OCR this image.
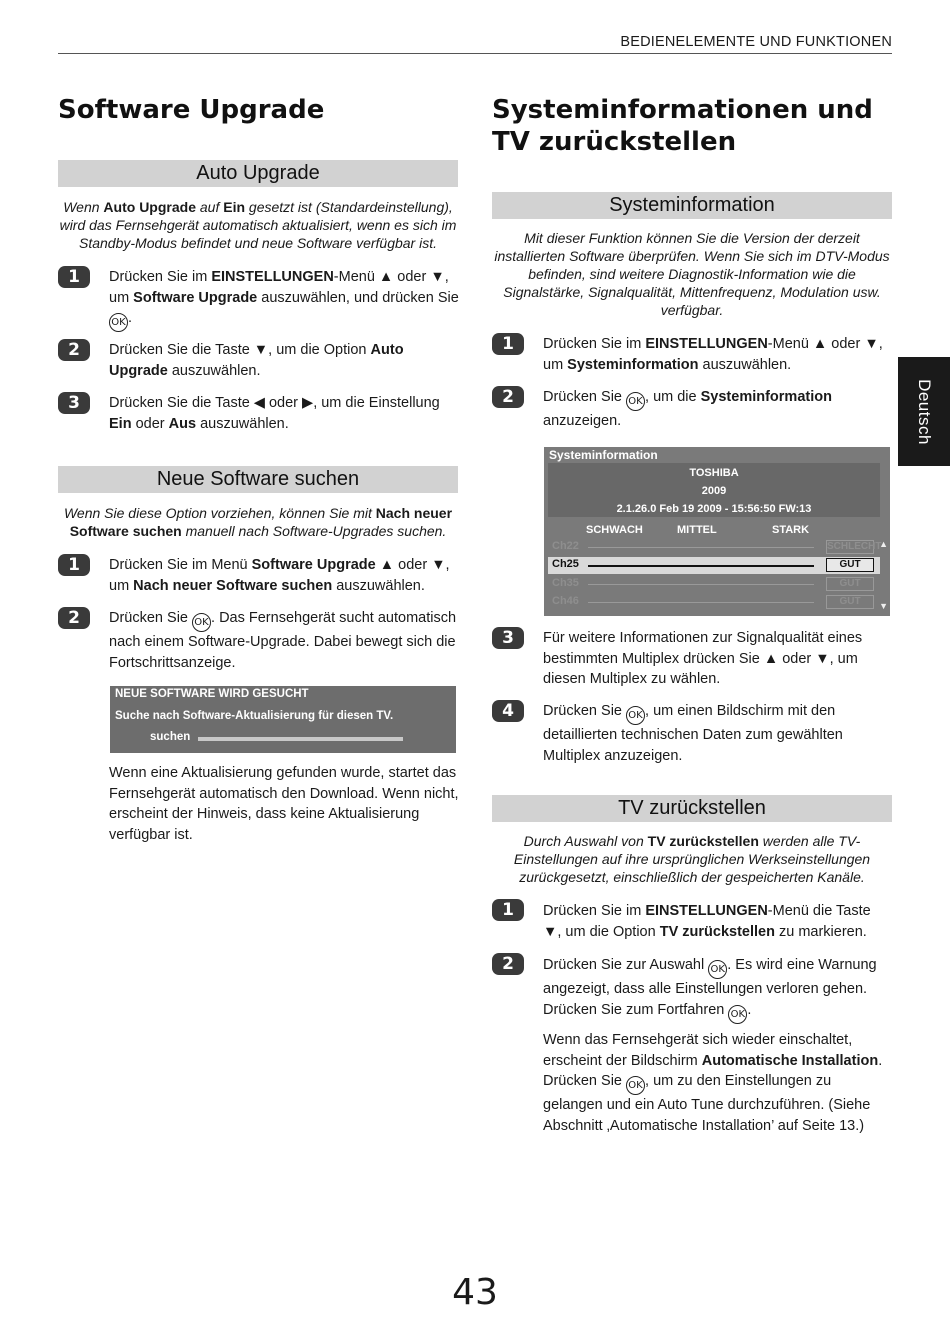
BEDIENELEMENTE UND FUNKTIONEN
Deutsch
Software Upgrade
Auto Upgrade
Wenn Auto Upgrade auf Ein gesetzt ist (Standardeinstellung), wird das Fernsehgerät automatisch aktualisiert, wenn es sich im Standby-Modus befindet und neue Software verfügbar ist.
1	Drücken Sie im EINSTELLUNGEN-Menü ▲ oder ▼, um Software Upgrade auszuwählen, und drücken Sie OK .
2	Drücken Sie die Taste ▼, um die Option Auto Upgrade auszuwählen.
3	Drücken Sie die Taste ◀ oder ▶, um die Einstellung Ein oder Aus auszuwählen.
Neue Software suchen
Wenn Sie diese Option vorziehen, können Sie mit Nach neuer Software suchen manuell nach Software-Upgrades suchen.
1	Drücken Sie im Menü Software Upgrade ▲ oder ▼, um Nach neuer Software suchen auszuwählen.
2	Drücken Sie OK . Das Fernsehgerät sucht automatisch nach einem Software-Upgrade. Dabei bewegt sich die Fortschrittsanzeige.
NEUE SOFTWARE WIRD GESUCHT
Suche nach Software-Aktualisierung für diesen TV.
suchen
Wenn eine Aktualisierung gefunden wurde, startet das Fernsehgerät automatisch den Download. Wenn nicht, erscheint der Hinweis, dass keine Aktualisierung verfügbar ist.
Systeminformationen und TV zurückstellen
Systeminformation
Mit dieser Funktion können Sie die Version der derzeit installierten Software überprüfen. Wenn Sie sich im DTV-Modus befinden, sind weitere Diagnostik-Information wie die Signalstärke, Signalqualität, Mittenfrequenz, Modulation usw. verfügbar.
1	Drücken Sie im EINSTELLUNGEN-Menü ▲ oder ▼, um Systeminformation auszuwählen.
2	Drücken Sie OK , um die Systeminformation anzuzeigen.
Systeminformation
TOSHIBA
2009
2.1.26.0 Feb 19 2009 - 15:56:50 FW:13
SCHWACH	MITTEL	STARK
Ch22	SCHLECHT
Ch25	GUT
Ch35	GUT
Ch46	GUT
▲
▼
3	Für weitere Informationen zur Signalqualität eines bestimmten Multiplex drücken Sie ▲ oder ▼, um diesen Multiplex zu wählen.
4	Drücken Sie OK , um einen Bildschirm mit den detaillierten technischen Daten zum gewählten Multiplex anzuzeigen.
TV zurückstellen
Durch Auswahl von TV zurückstellen werden alle TV-Einstellungen auf ihre ursprünglichen Werkseinstellungen zurückgesetzt, einschließlich der gespeicherten Kanäle.
1	Drücken Sie im EINSTELLUNGEN-Menü die Taste ▼, um die Option TV zurückstellen zu markieren.
2	Drücken Sie zur Auswahl OK . Es wird eine Warnung angezeigt, dass alle Einstellungen verloren gehen. Drücken Sie zum Fortfahren OK .
Wenn das Fernsehgerät sich wieder einschaltet, erscheint der Bildschirm Automatische Installation. Drücken Sie OK , um zu den Einstellungen zu gelangen und ein Auto Tune durchzuführen. (Siehe Abschnitt ‚Automatische Installation’ auf Seite 13.)
43
